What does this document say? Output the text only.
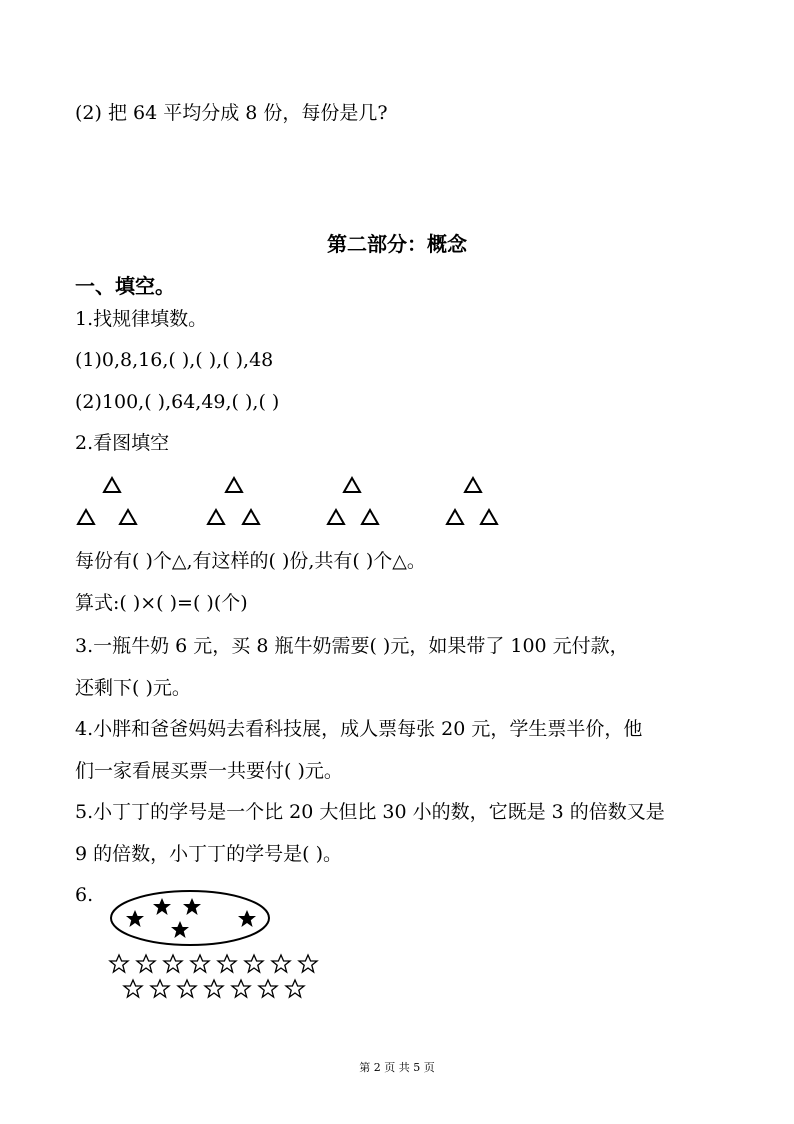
(2) 把 64 平均分成 8 份，每份是几?
第二部分：概念
一、填空。
1.找规律填数。
(1)0,8,16,( ),( ),( ),48
(2)100,( ),64,49,( ),( )
2.看图填空
每份有( )个△,有这样的( )份,共有( )个△。
算式:( )×( )=( )(个)
3.一瓶牛奶 6 元，买 8 瓶牛奶需要( )元，如果带了 100 元付款，
还剩下( )元。
4.小胖和爸爸妈妈去看科技展，成人票每张 20 元，学生票半价，他
们一家看展买票一共要付( )元。
5.小丁丁的学号是一个比 20 大但比 30 小的数，它既是 3 的倍数又是
9 的倍数，小丁丁的学号是( )。
6.
第 2 页 共 5 页
